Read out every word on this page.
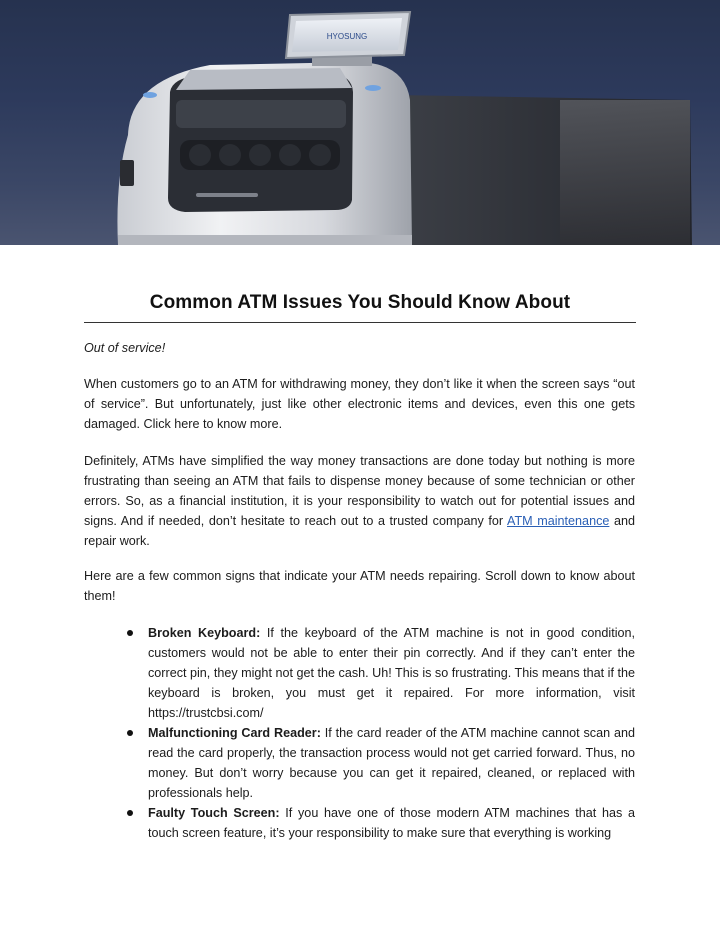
HYOSUNG
Common ATM Issues You Should Know About

Out of service!

When customers go to an ATM for withdrawing money, they don’t like it when the screen says “out of service”. But unfortunately, just like other electronic items and devices, even this one gets damaged. Click here to know more.

Definitely, ATMs have simplified the way money transactions are done today but nothing is more frustrating than seeing an ATM that fails to dispense money because of some technician or other errors. So, as a financial institution, it is your responsibility to watch out for potential issues and signs. And if needed, don’t hesitate to reach out to a trusted company for ATM maintenance and repair work.

Here are a few common signs that indicate your ATM needs repairing. Scroll down to know about them!

Broken Keyboard: If the keyboard of the ATM machine is not in good condition, customers would not be able to enter their pin correctly. And if they can’t enter the correct pin, they might not get the cash. Uh! This is so frustrating. This means that if the keyboard is broken, you must get it repaired. For more information, visit https://trustcbsi.com/
Malfunctioning Card Reader: If the card reader of the ATM machine cannot scan and read the card properly, the transaction process would not get carried forward. Thus, no money. But don’t worry because you can get it repaired, cleaned, or replaced with professionals help.
Faulty Touch Screen: If you have one of those modern ATM machines that has a touch screen feature, it’s your responsibility to make sure that everything is working
